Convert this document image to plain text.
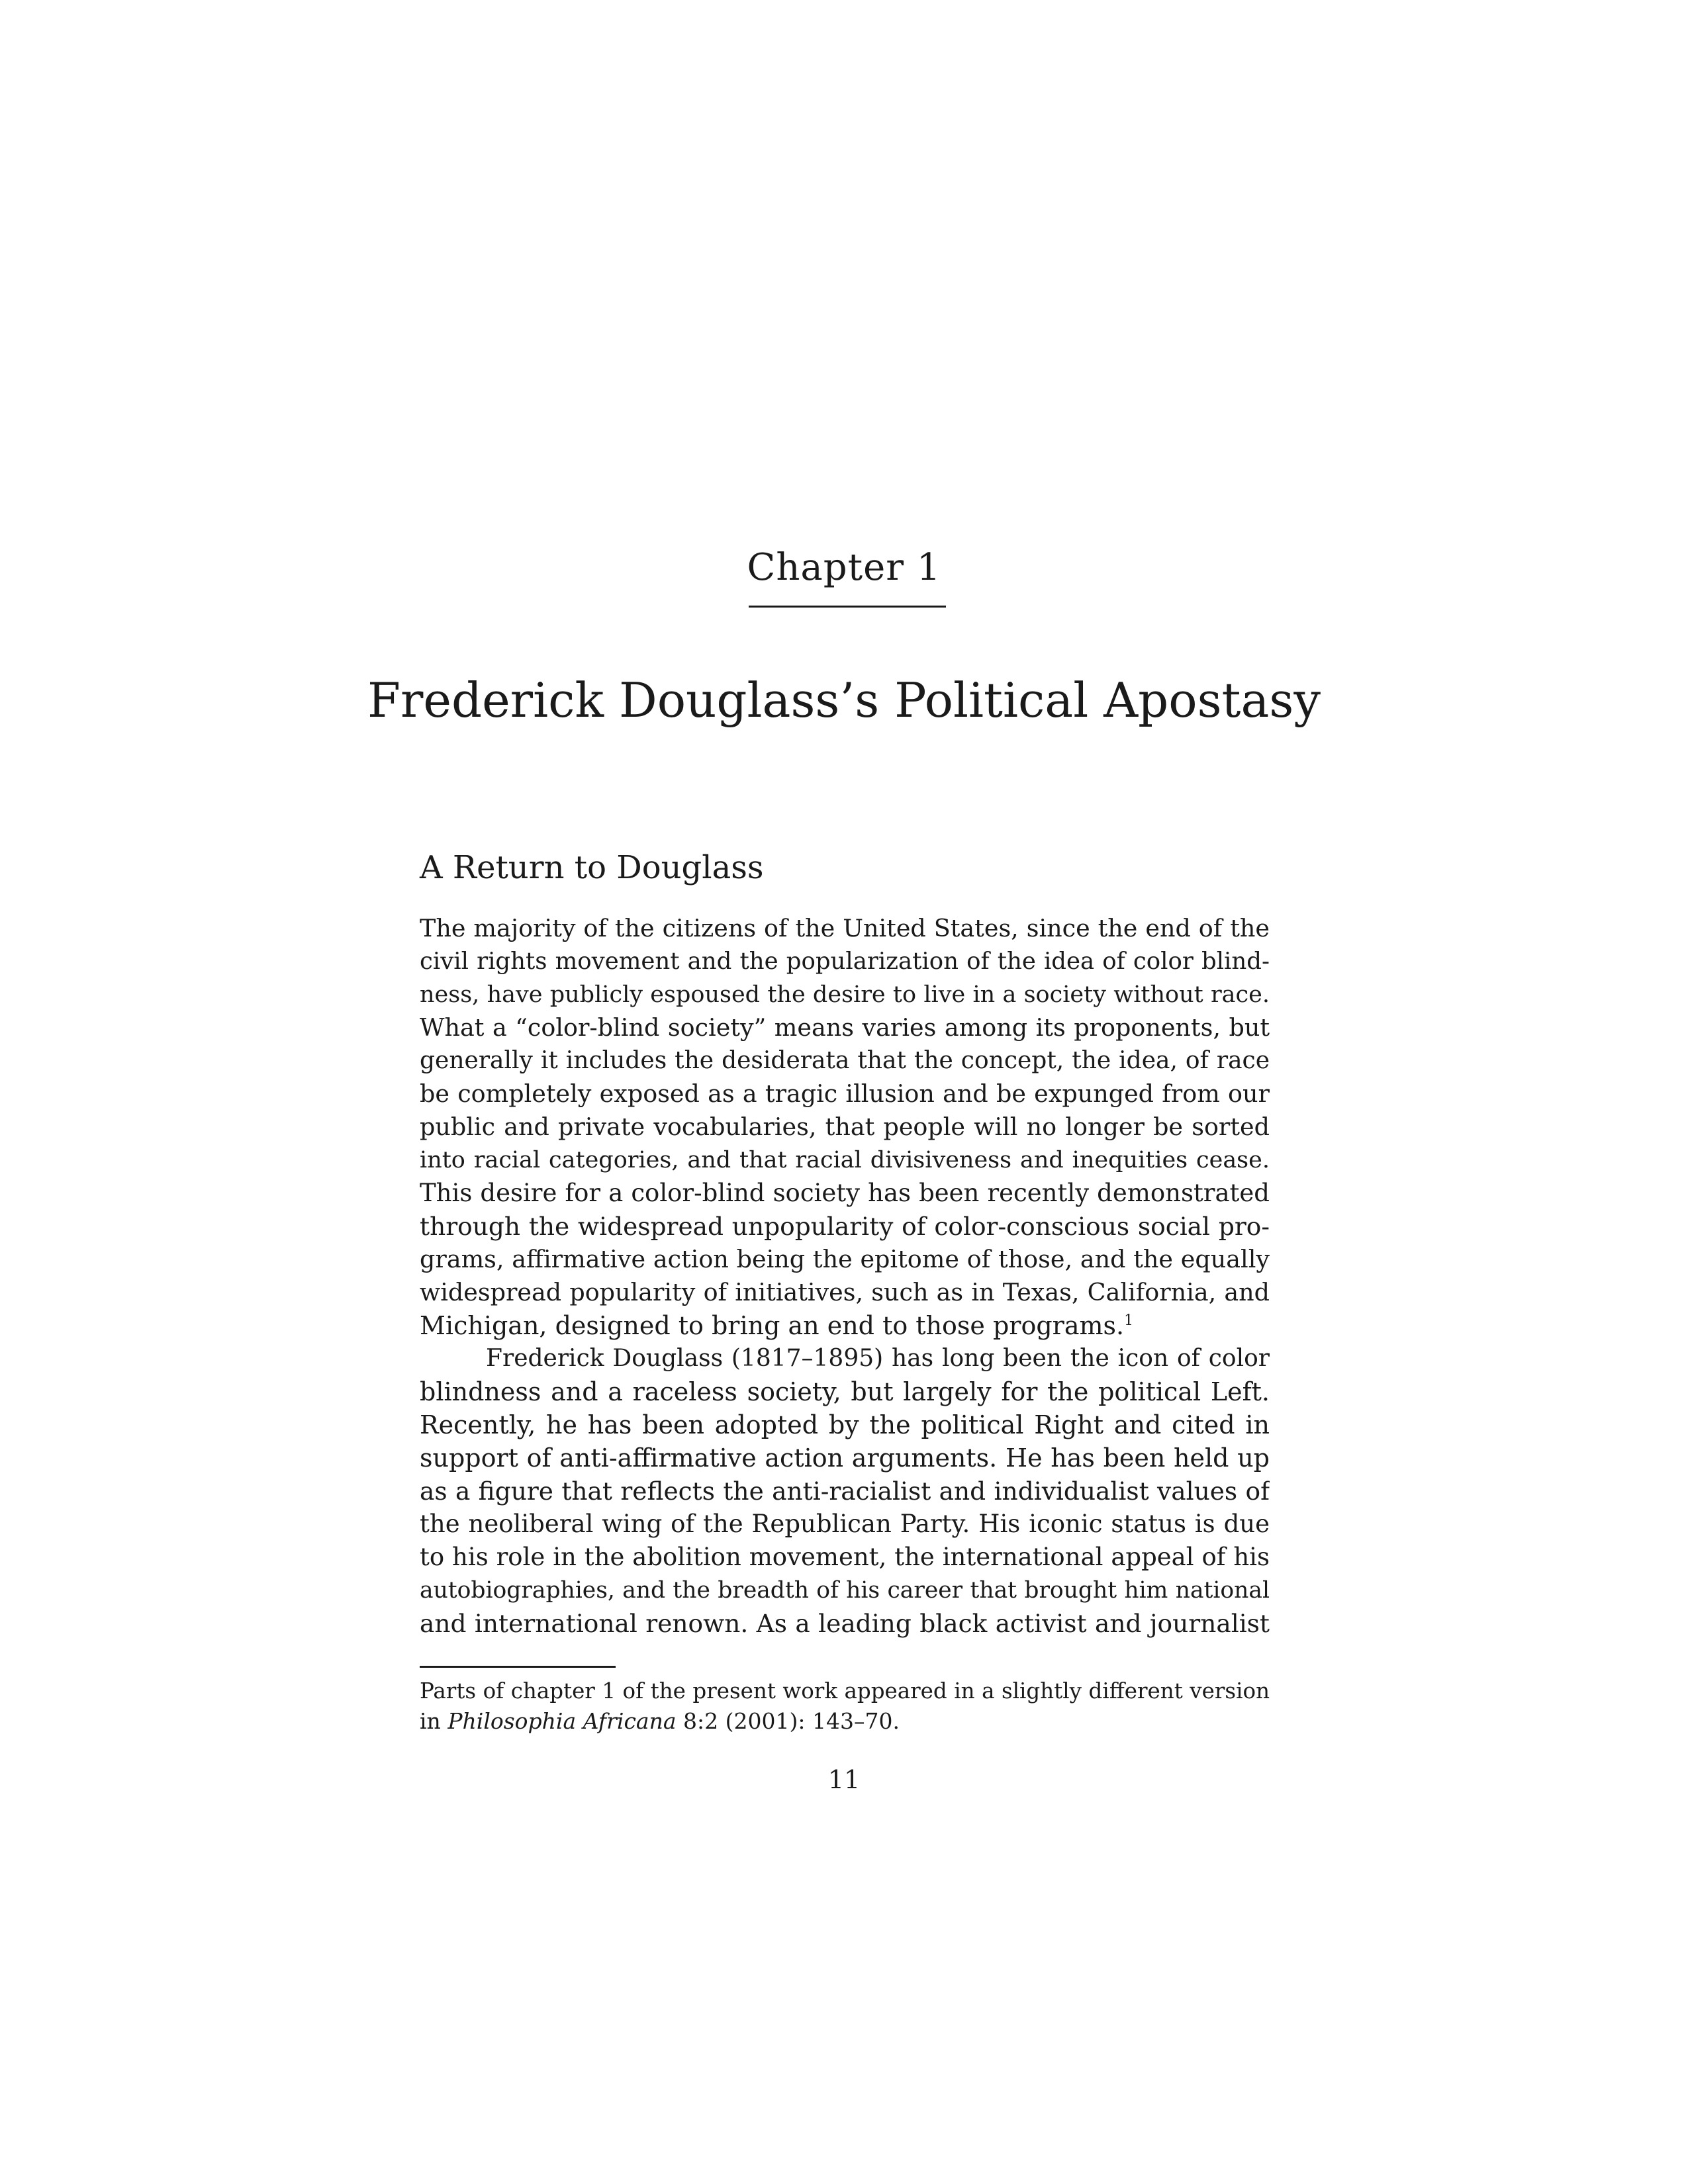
Chapter 1
Frederick Douglass’s Political Apostasy
A Return to Douglass
The majority of the citizens of the United States, since the end of the
civil rights movement and the popularization of the idea of color blind-
ness, have publicly espoused the desire to live in a society without race.
What a “color-blind society” means varies among its proponents, but
generally it includes the desiderata that the concept, the idea, of race
be completely exposed as a tragic illusion and be expunged from our
public and private vocabularies, that people will no longer be sorted
into racial categories, and that racial divisiveness and inequities cease.
This desire for a color-blind society has been recently demonstrated
through the widespread unpopularity of color-conscious social pro-
grams, affirmative action being the epitome of those, and the equally
widespread popularity of initiatives, such as in Texas, California, and
Michigan, designed to bring an end to those programs.$^1$
Frederick Douglass (1817–1895) has long been the icon of color
blindness and a raceless society, but largely for the political Left.
Recently, he has been adopted by the political Right and cited in
support of anti-affirmative action arguments. He has been held up
as a figure that reflects the anti-racialist and individualist values of
the neoliberal wing of the Republican Party. His iconic status is due
to his role in the abolition movement, the international appeal of his
autobiographies, and the breadth of his career that brought him national
and international renown. As a leading black activist and journalist
Parts of chapter 1 of the present work appeared in a slightly different version
in Philosophia Africana 8:2 (2001): 143–70.
11
